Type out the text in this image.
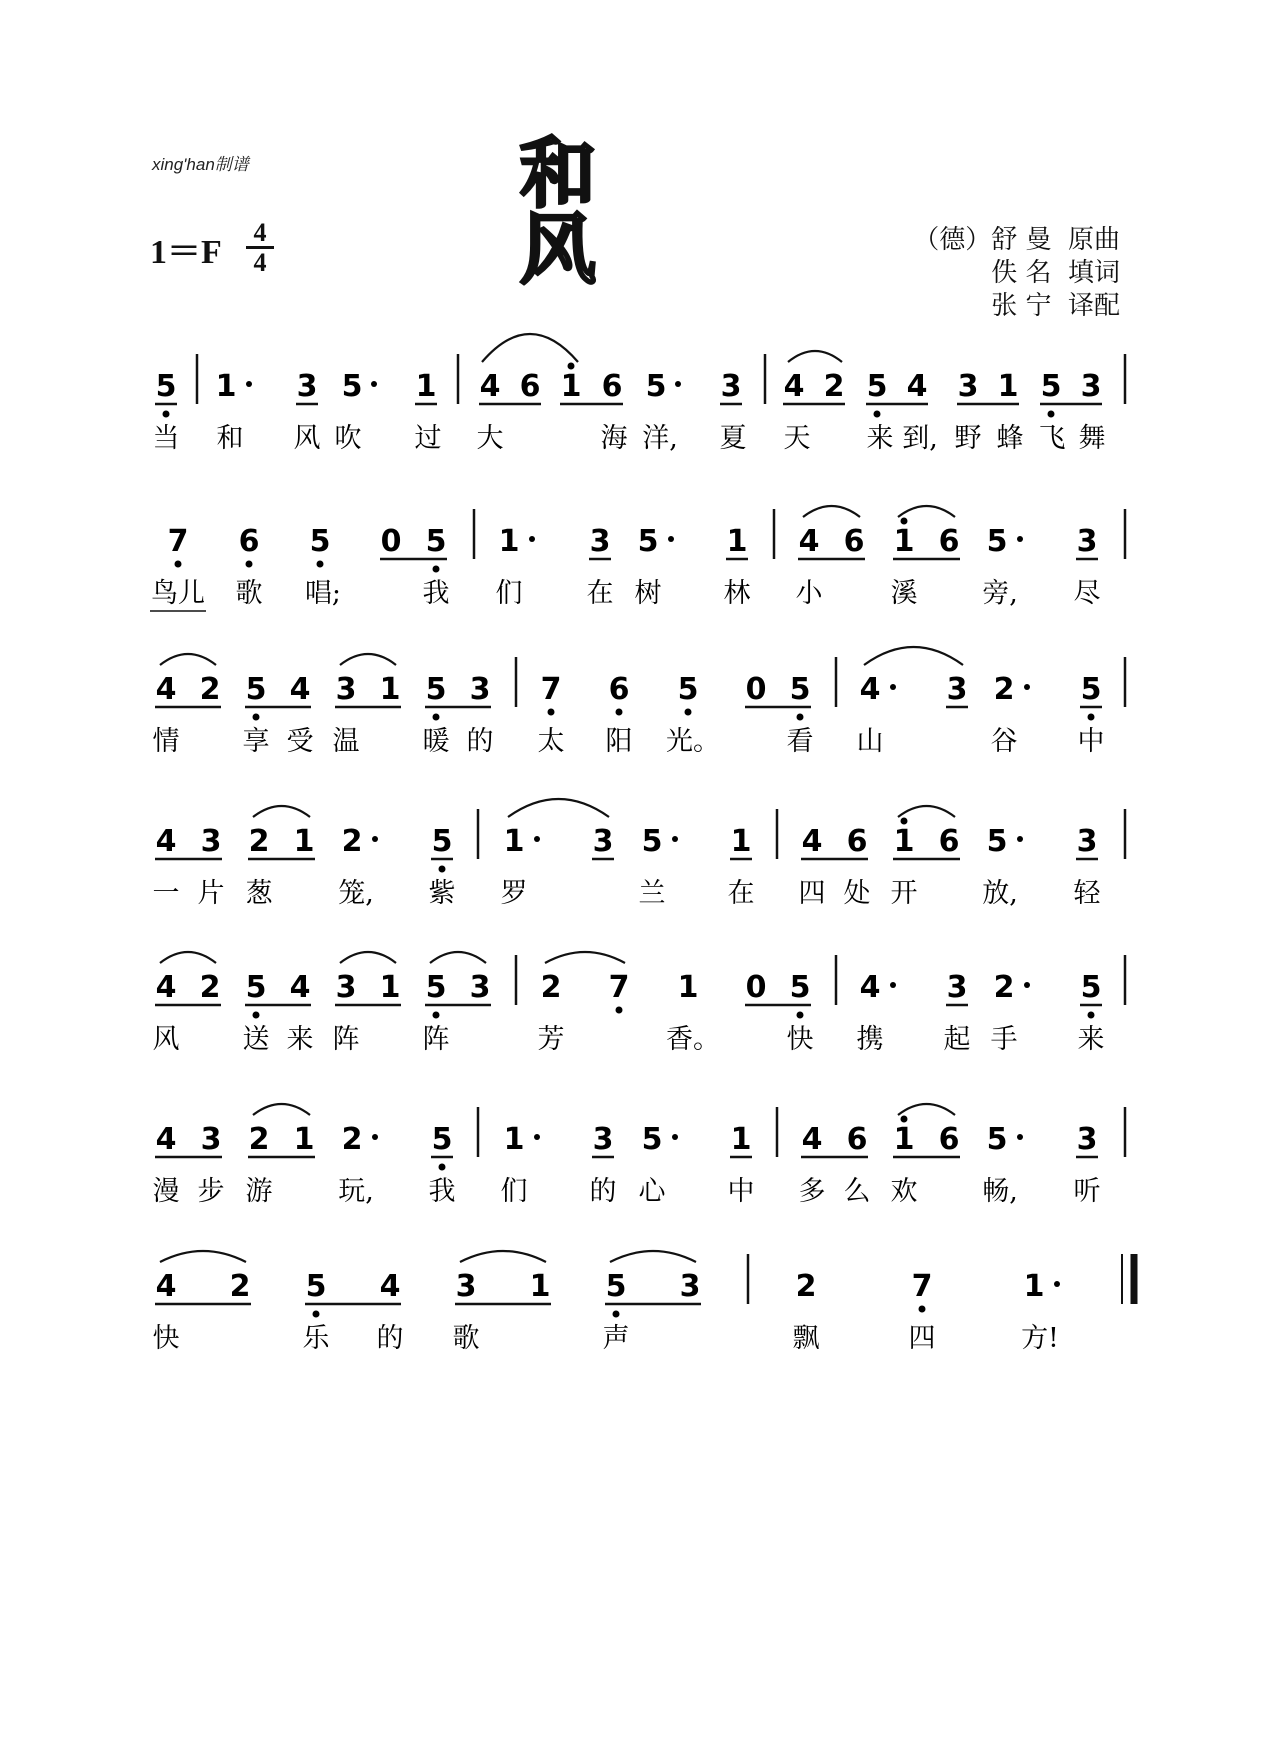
xing'han制谱	和 风
1＝F
4
4
（德）舒 曼  原曲
佚 名  填词
张 宁  译配
5 1 3 5 1 4 6 1 6 5 3 4 2 5 4 3 1 5 3
当 和 风 吹 过 大	海 洋, 夏 天 来 到, 野 蜂 飞 舞
7 6 5 0 5 1 3 5 1 4 6 1 6 5 3
鸟儿 歌 唱;	我 们 在 树 林 小	溪 旁, 尽
4 2 5 4 3 1 5 3 7 6 5 0 5 4 3 2 5
情 享 受 温 暖 的 太 阳 光。 看 山	谷 中
4 3 2 1 2 5 1 3 5 1 4 6 1 6 5 3
一 片 葱 笼, 紫 罗	兰 在 四 处 开 放, 轻
4 2 5 4 3 1 5 3 2 7 1 0 5 4 3 2 5
风 送 来 阵 阵	芳	香。 快 携 起 手 来
4 3 2 1 2 5 1 3 5 1 4 6 1 6 5 3
漫 步 游 玩, 我 们 的 心 中 多 么 欢 畅, 听
4 2 5 4 3 1 5 3	2	7	1
快	乐 的 歌	声	飘	四	方!
